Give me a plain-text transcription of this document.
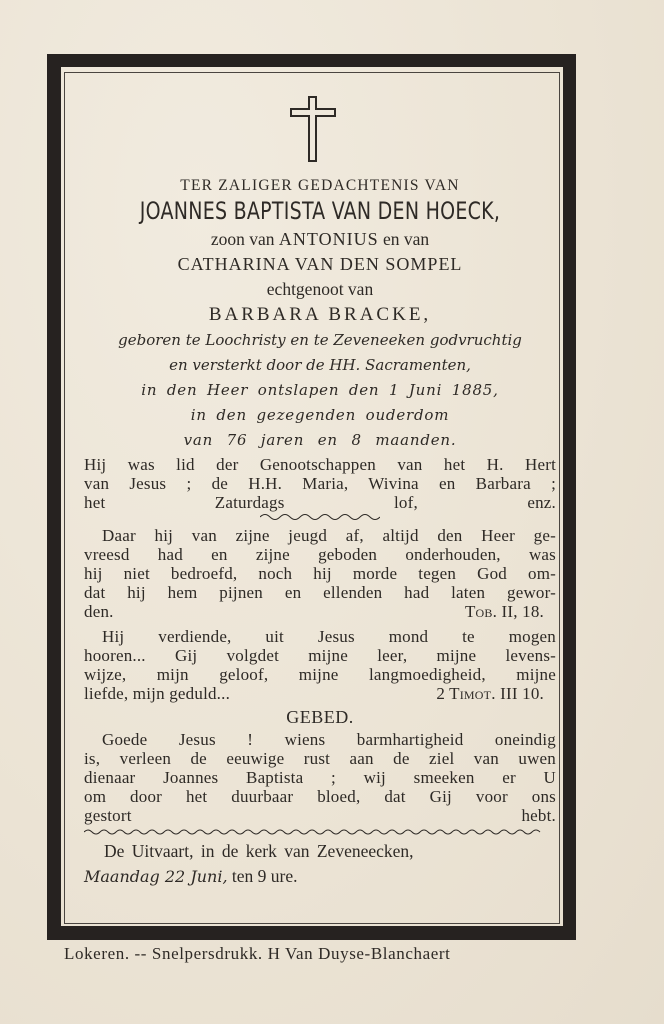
TER ZALIGER GEDACHTENIS VAN
JOANNES BAPTISTA VAN DEN HOECK,
zoon van ANTONIUS en van
CATHARINA VAN DEN SOMPEL
echtgenoot van
BARBARA BRACKE,
geboren te Loochristy en te Zeveneeken godvruchtig
en versterkt door de HH. Sacramenten,
in den Heer ontslapen den 1 Juni 1885,
in den gezegenden ouderdom
van 76 jaren en 8 maanden.
Hij was lid der Genootschappen van het H. Hert
van Jesus ; de H.H. Maria, Wivina en Barbara ;
het Zaturdags lof, enz.
Daar hij van zijne jeugd af, altijd den Heer ge-
vreesd had en zijne geboden onderhouden, was
hij niet bedroefd, noch hij morde tegen God om-
dat hij hem pijnen en ellenden had laten gewor-
den.	Tob. II, 18.
Hij verdiende, uit Jesus mond te mogen
hooren... Gij volgdet mijne leer, mijne levens-
wijze, mijn geloof, mijne langmoedigheid, mijne
liefde, mijn geduld...	2 Timot. III 10.
GEBED.
Goede Jesus ! wiens barmhartigheid oneindig
is, verleen de eeuwige rust aan de ziel van uwen
dienaar Joannes Baptista ; wij smeeken er U
om door het duurbaar bloed, dat Gij voor ons
gestort hebt.
De Uitvaart, in de kerk van Zeveneecken,
Maandag 22 Juni, ten 9 ure.
Lokeren. -- Snelpersdrukk. H Van Duyse-Blanchaert
